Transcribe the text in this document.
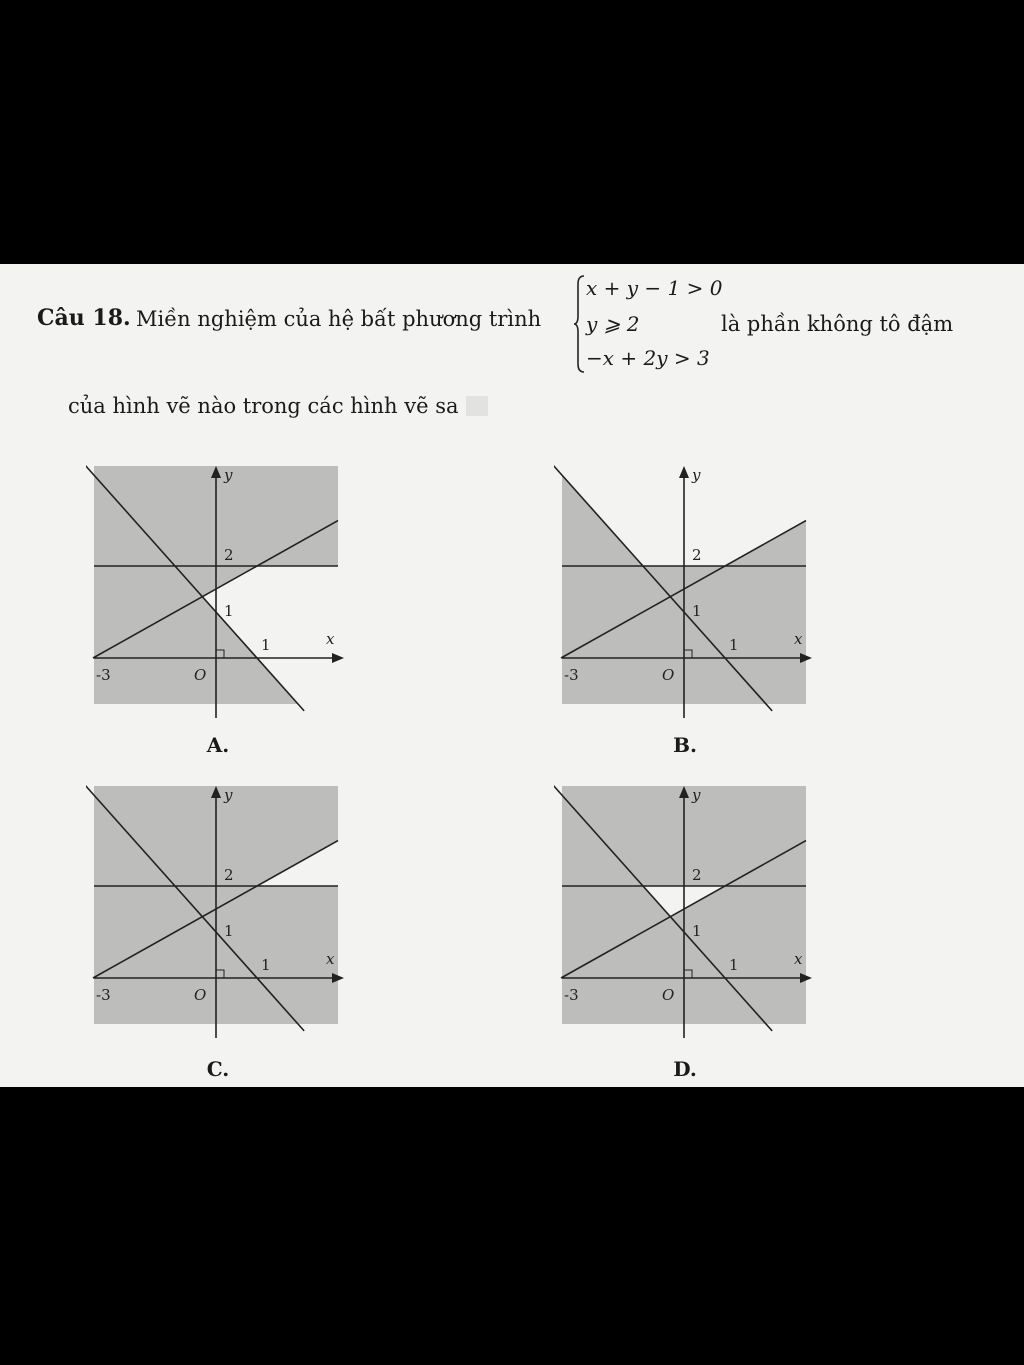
Câu 18. Miền nghiệm của hệ bất phương trình
x + y − 1 > 0
y ⩾ 2
−x + 2y > 3
là phần không tô đậm
của hình vẽ nào trong các hình vẽ sa
y
x
O
2
1
1
-3
A.
y
x
O
2
1
1
-3
B.
y
x
O
2
1
1
-3
C.
y
x
O
2
1
1
-3
D.
